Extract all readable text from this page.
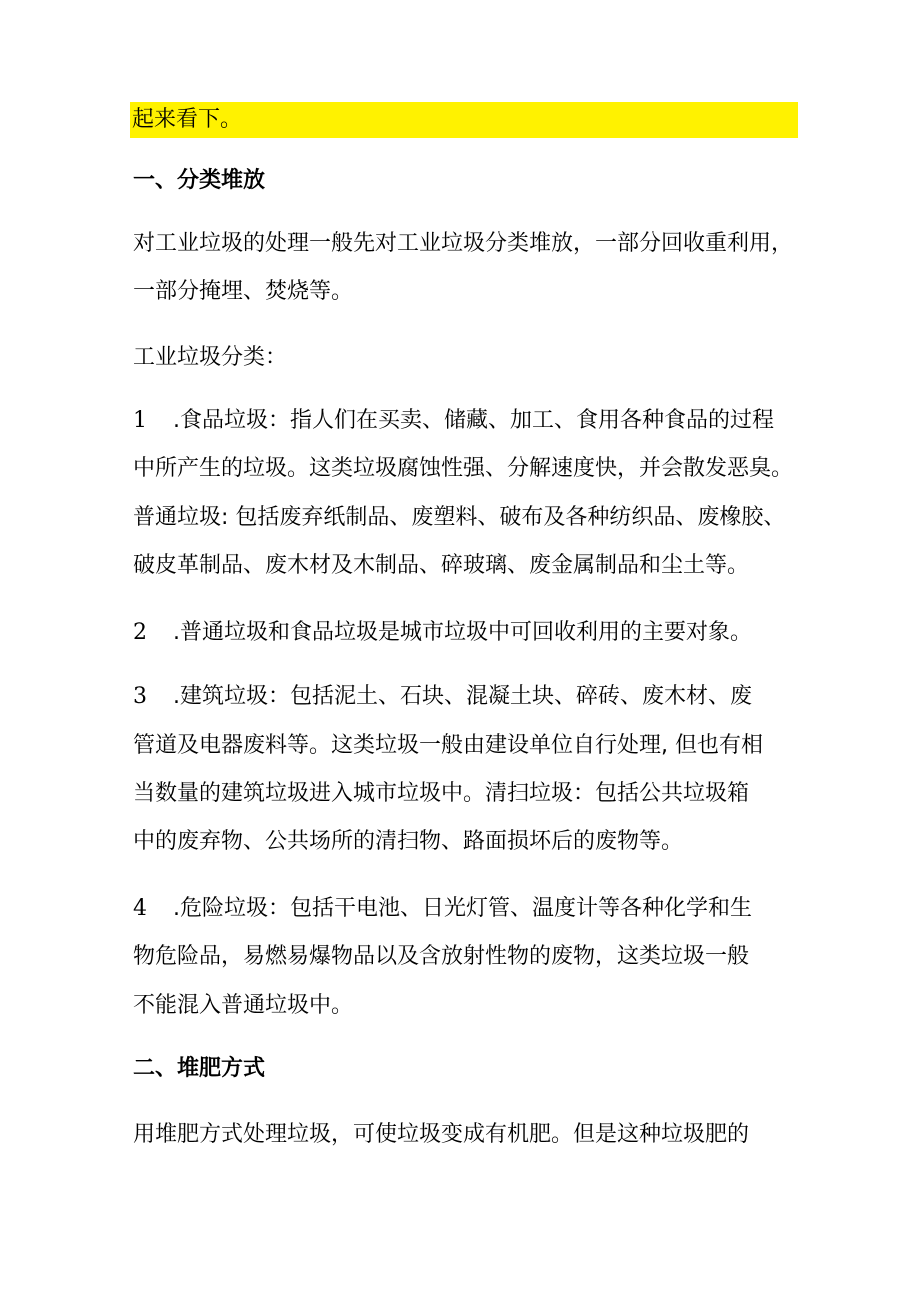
起来看下。
一、分类堆放
对工业垃圾的处理一般先对工业垃圾分类堆放，一部分回收重利用，
一部分掩埋、焚烧等。
工业垃圾分类：
1 .食品垃圾：指人们在买卖、储藏、加工、食用各种食品的过程
中所产生的垃圾。这类垃圾腐蚀性强、分解速度快，并会散发恶臭。
普通垃圾: 包括废弃纸制品、废塑料、破布及各种纺织品、废橡胶、
破皮革制品、废木材及木制品、碎玻璃、废金属制品和尘土等。
2 .普通垃圾和食品垃圾是城市垃圾中可回收利用的主要对象。
3 .建筑垃圾：包括泥土、石块、混凝土块、碎砖、废木材、废
管道及电器废料等。这类垃圾一般由建设单位自行处理, 但也有相
当数量的建筑垃圾进入城市垃圾中。清扫垃圾：包括公共垃圾箱
中的废弃物、公共场所的清扫物、路面损坏后的废物等。
4 .危险垃圾：包括干电池、日光灯管、温度计等各种化学和生
物危险品，易燃易爆物品以及含放射性物的废物，这类垃圾一般
不能混入普通垃圾中。
二、堆肥方式
用堆肥方式处理垃圾，可使垃圾变成有机肥。但是这种垃圾肥的
